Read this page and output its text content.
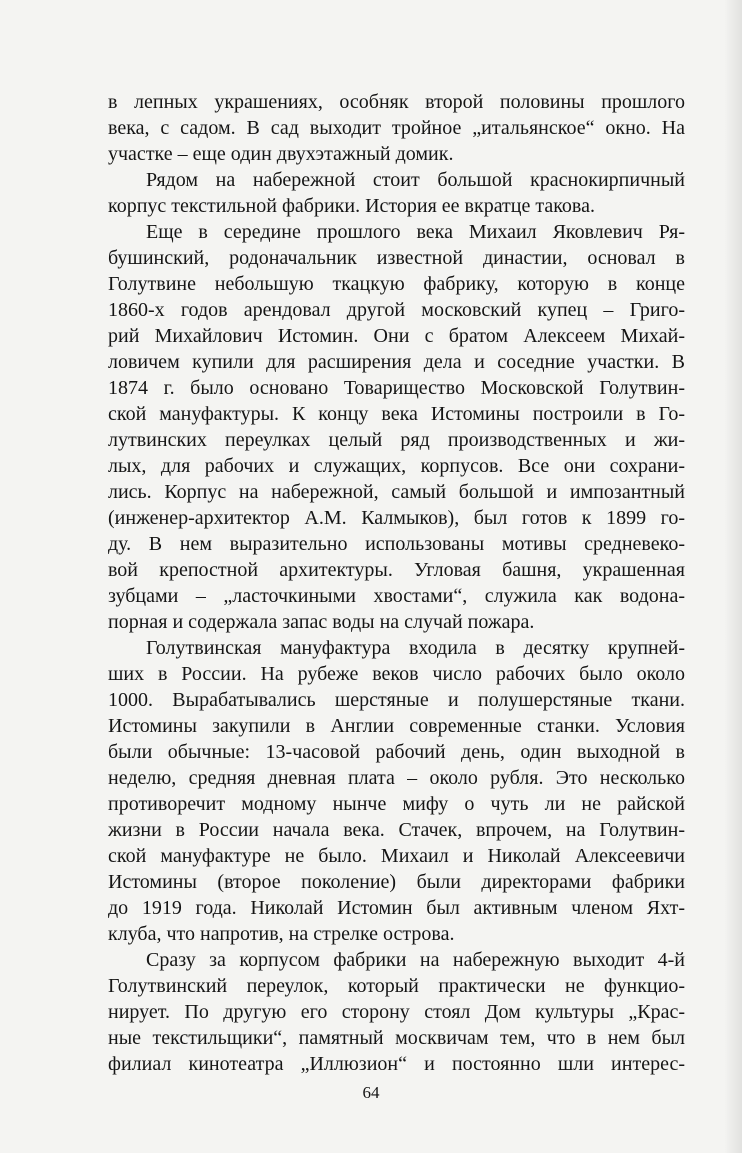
в лепных украшениях, особняк второй половины прошлого
века, с садом. В сад выходит тройное „итальянское“ окно. На
участке – еще один двухэтажный домик.
Рядом на набережной стоит большой краснокирпичный
корпус текстильной фабрики. История ее вкратце такова.
Еще в середине прошлого века Михаил Яковлевич Ря-
бушинский, родоначальник известной династии, основал в
Голутвине небольшую ткацкую фабрику, которую в конце
1860-х годов арендовал другой московский купец – Григо-
рий Михайлович Истомин. Они с братом Алексеем Михай-
ловичем купили для расширения дела и соседние участки. В
1874 г. было основано Товарищество Московской Голутвин-
ской мануфактуры. К концу века Истомины построили в Го-
лутвинских переулках целый ряд производственных и жи-
лых, для рабочих и служащих, корпусов. Все они сохрани-
лись. Корпус на набережной, самый большой и импозантный
(инженер-архитектор А.М. Калмыков), был готов к 1899 го-
ду. В нем выразительно использованы мотивы средневеко-
вой крепостной архитектуры. Угловая башня, украшенная
зубцами – „ласточкиными хвостами“, служила как водона-
порная и содержала запас воды на случай пожара.
Голутвинская мануфактура входила в десятку крупней-
ших в России. На рубеже веков число рабочих было около
1000. Вырабатывались шерстяные и полушерстяные ткани.
Истомины закупили в Англии современные станки. Условия
были обычные: 13-часовой рабочий день, один выходной в
неделю, средняя дневная плата – около рубля. Это несколько
противоречит модному нынче мифу о чуть ли не райской
жизни в России начала века. Стачек, впрочем, на Голутвин-
ской мануфактуре не было. Михаил и Николай Алексеевичи
Истомины (второе поколение) были директорами фабрики
до 1919 года. Николай Истомин был активным членом Яхт-
клуба, что напротив, на стрелке острова.
Сразу за корпусом фабрики на набережную выходит 4-й
Голутвинский переулок, который практически не функцио-
нирует. По другую его сторону стоял Дом культуры „Крас-
ные текстильщики“, памятный москвичам тем, что в нем был
филиал кинотеатра „Иллюзион“ и постоянно шли интерес-
64
